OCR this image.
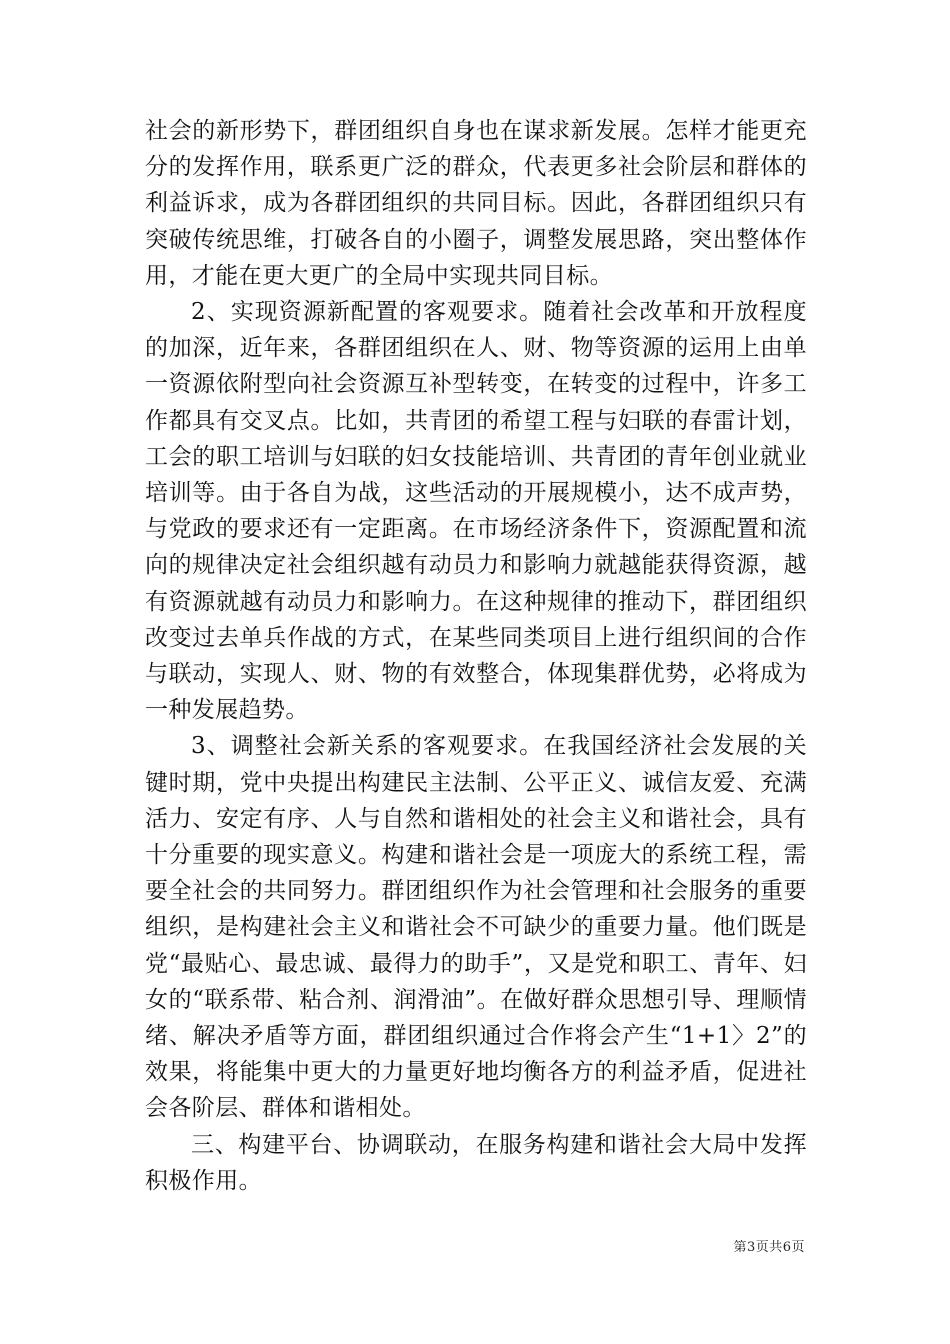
社会的新形势下，群团组织自身也在谋求新发展。怎样才能更充分的发挥作用，联系更广泛的群众，代表更多社会阶层和群体的利益诉求，成为各群团组织的共同目标。因此，各群团组织只有突破传统思维，打破各自的小圈子，调整发展思路，突出整体作用，才能在更大更广的全局中实现共同目标。

2、实现资源新配置的客观要求。随着社会改革和开放程度的加深，近年来，各群团组织在人、财、物等资源的运用上由单一资源依附型向社会资源互补型转变，在转变的过程中，许多工作都具有交叉点。比如，共青团的希望工程与妇联的春雷计划，工会的职工培训与妇联的妇女技能培训、共青团的青年创业就业培训等。由于各自为战，这些活动的开展规模小，达不成声势，与党政的要求还有一定距离。在市场经济条件下，资源配置和流向的规律决定社会组织越有动员力和影响力就越能获得资源，越有资源就越有动员力和影响力。在这种规律的推动下，群团组织改变过去单兵作战的方式，在某些同类项目上进行组织间的合作与联动，实现人、财、物的有效整合，体现集群优势，必将成为一种发展趋势。

3、调整社会新关系的客观要求。在我国经济社会发展的关键时期，党中央提出构建民主法制、公平正义、诚信友爱、充满活力、安定有序、人与自然和谐相处的社会主义和谐社会，具有十分重要的现实意义。构建和谐社会是一项庞大的系统工程，需要全社会的共同努力。群团组织作为社会管理和社会服务的重要组织，是构建社会主义和谐社会不可缺少的重要力量。他们既是党“最贴心、最忠诚、最得力的助手”，又是党和职工、青年、妇女的“联系带、粘合剂、润滑油”。在做好群众思想引导、理顺情绪、解决矛盾等方面，群团组织通过合作将会产生“1+1〉2”的效果，将能集中更大的力量更好地均衡各方的利益矛盾，促进社会各阶层、群体和谐相处。

三、构建平台、协调联动，在服务构建和谐社会大局中发挥积极作用。

第3页共6页
